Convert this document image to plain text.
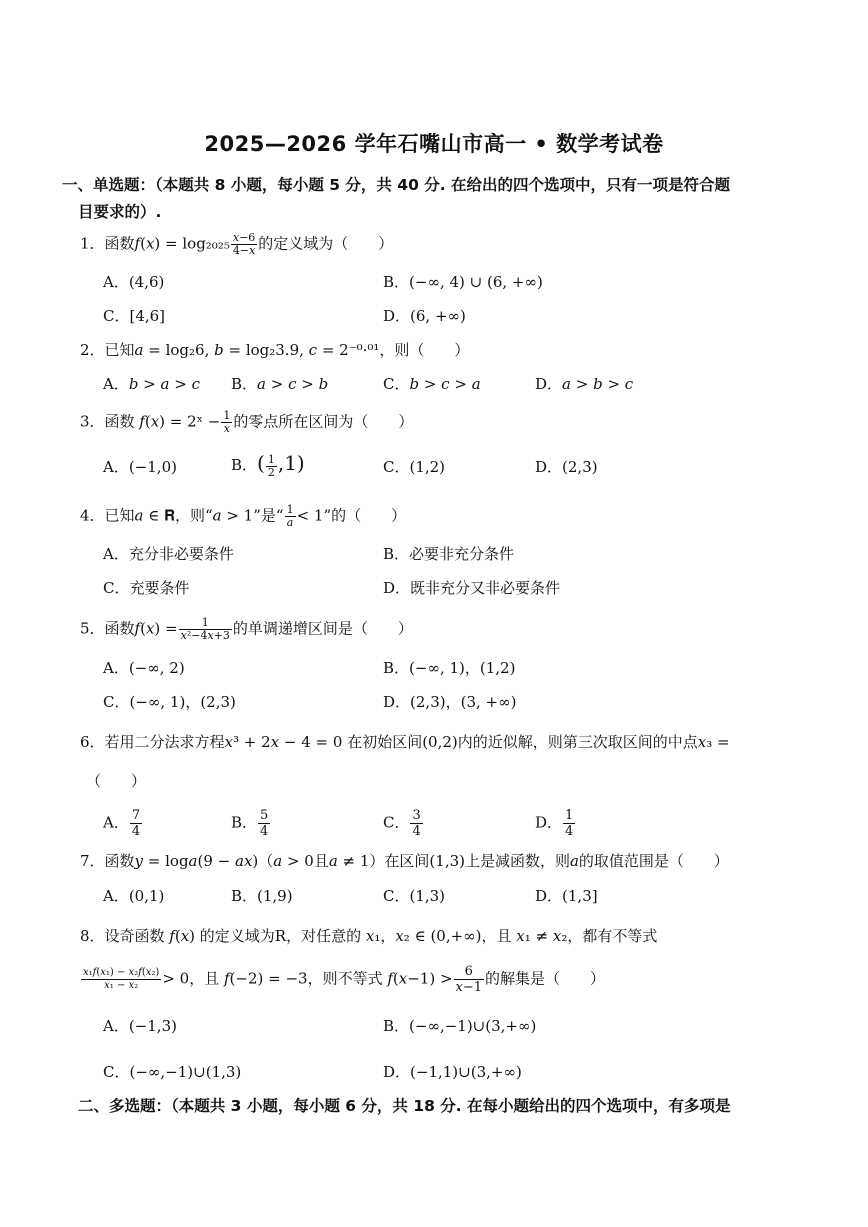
2025—2026 学年石嘴山市高一 • 数学考试卷
一、单选题：（本题共 8 小题，每小题 5 分，共 40 分. 在给出的四个选项中，只有一项是符合题
目要求的）.
1．函数𝑓(𝑥) = $\log_{2025} \frac{\text{𝑥−6}}{\text{4−𝑥}}$ 的定义域为（　　）
A．(4,6)	B．(−∞, 4) ∪ (6, +∞)
C．[4,6]	D．(6, +∞)
2．已知𝑎 = log₂6, 𝑏 = log₂3.9, 𝑐 = 2⁻⁰·⁰¹，则（　　）
A．𝑏 > 𝑎 > 𝑐 B．𝑎 > 𝑐 > 𝑏	C．𝑏 > 𝑐 > 𝑎	D．𝑎 > 𝑏 > 𝑐
3．函数 𝑓(𝑥) = 2ˣ − $\frac{1}{\text{𝑥}}$ 的零点所在区间为（　　）
A．(−1,0)	B．( $\frac{1}{2} ,1$)	C．(1,2)	D．(2,3)
4．已知𝑎 ∈ 𝐑，则“𝑎 > 1”是“ $\frac{1}{\text{𝑎}} < 1$”的（　　）
A．充分非必要条件	B．必要非充分条件
C．充要条件	D．既非充分又非必要条件
5．函数𝑓(𝑥) = $\frac{1}{\text{𝑥²−4𝑥+3}}$ 的单调递增区间是（　　）
A．(−∞, 2)	B．(−∞, 1)，(1,2)
C．(−∞, 1)，(2,3)	D．(2,3)，(3, +∞)
6．若用二分法求方程𝑥³ + 2𝑥 − 4 = 0 在初始区间(0,2)内的近似解，则第三次取区间的中点𝑥₃ =
（　　）
A． $\frac{7}{4}$	B． $\frac{5}{4}$	C． $\frac{3}{4}$	D． $\frac{1}{4}$
7．函数𝑦 = log𝑎(9 − 𝑎𝑥)（𝑎 > 0且𝑎 ≠ 1）在区间(1,3)上是减函数，则𝑎的取值范围是（　　）
A．(0,1)	B．(1,9)	C．(1,3)	D．(1,3]
8．设奇函数 𝑓(𝑥) 的定义域为R，对任意的 𝑥₁，𝑥₂ ∈ (0,+∞)，且 𝑥₁ ≠ 𝑥₂，都有不等式
$\frac{\text{𝑥₁𝑓(𝑥₁) − 𝑥₂𝑓(𝑥₂)}}{\text{𝑥₁ − 𝑥₂}} > 0$，且 𝑓(−2) = −3，则不等式 𝑓(𝑥−1) > $\frac{6}{\text{𝑥−1}}$ 的解集是（　　）
A．(−1,3)	B．(−∞,−1)∪(3,+∞)
C．(−∞,−1)∪(1,3)	D．(−1,1)∪(3,+∞)
二、多选题：（本题共 3 小题，每小题 6 分，共 18 分. 在每小题给出的四个选项中，有多项是
